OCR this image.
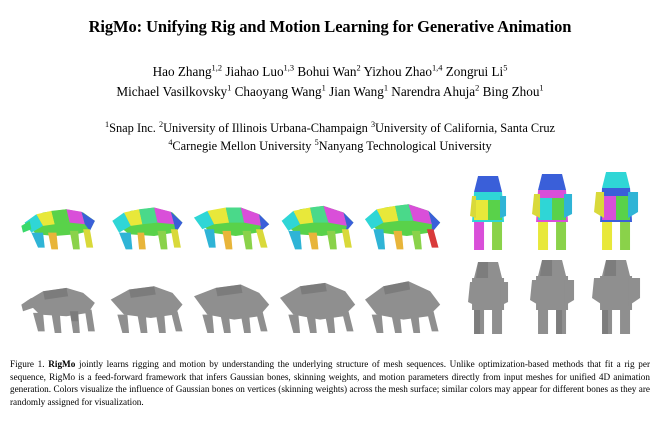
RigMo: Unifying Rig and Motion Learning for Generative Animation
Hao Zhang$^{1,2}$ Jiahao Luo$^{1,3}$ Bohui Wan$^2$ Yizhou Zhao$^{1,4}$ Zongrui Li$^5$
Michael Vasilkovsky$^1$ Chaoyang Wang$^1$ Jian Wang$^1$ Narendra Ahuja$^2$ Bing Zhou$^1$
$^1$Snap Inc. $^2$University of Illinois Urbana-Champaign $^3$University of California, Santa Cruz
$^4$Carnegie Mellon University $^5$Nanyang Technological University
Figure 1. RigMo jointly learns rigging and motion by understanding the underlying structure of mesh sequences. Unlike optimization-based methods that fit a rig per sequence, RigMo is a feed-forward framework that infers Gaussian bones, skinning weights, and motion parameters directly from input meshes for unified 4D animation generation. Colors visualize the influence of Gaussian bones on vertices (skinning weights) across the mesh surface; similar colors may appear for different bones as they are randomly assigned for visualization.
